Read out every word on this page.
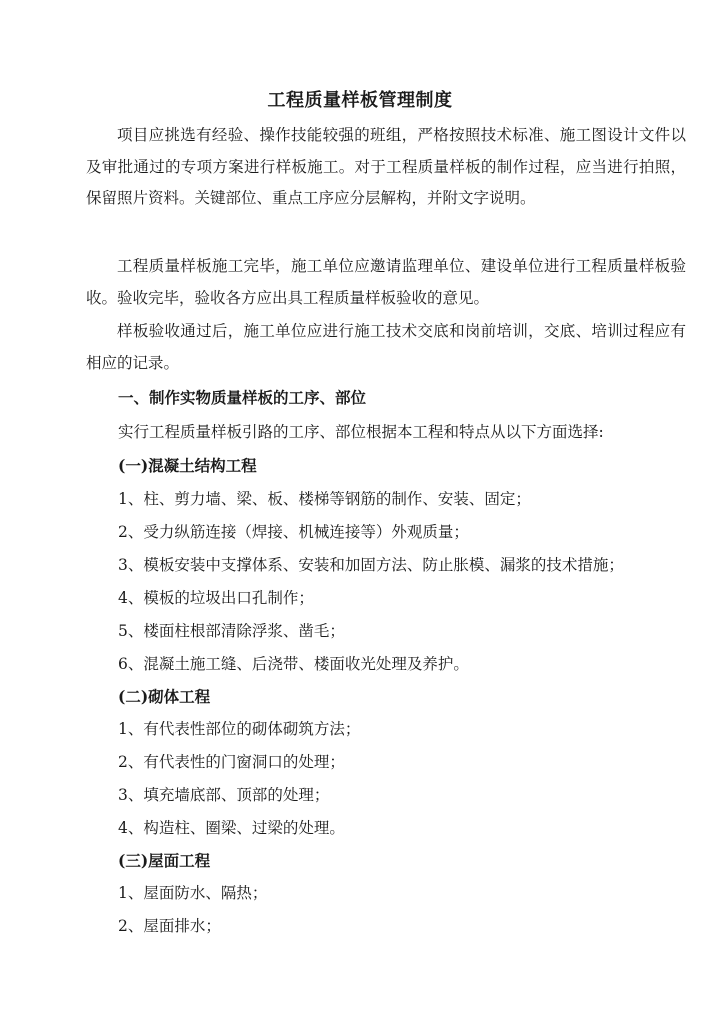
工程质量样板管理制度
项目应挑选有经验、操作技能较强的班组，严格按照技术标准、施工图设计文件以及审批通过的专项方案进行样板施工。对于工程质量样板的制作过程，应当进行拍照，保留照片资料。关键部位、重点工序应分层解构，并附文字说明。
工程质量样板施工完毕，施工单位应邀请监理单位、建设单位进行工程质量样板验收。验收完毕，验收各方应出具工程质量样板验收的意见。
样板验收通过后，施工单位应进行施工技术交底和岗前培训，交底、培训过程应有相应的记录。
一、制作实物质量样板的工序、部位
实行工程质量样板引路的工序、部位根据本工程和特点从以下方面选择:
(一)混凝土结构工程
1、柱、剪力墙、梁、板、楼梯等钢筋的制作、安装、固定；
2、受力纵筋连接（焊接、机械连接等）外观质量；
3、模板安装中支撑体系、安装和加固方法、防止胀模、漏浆的技术措施；
4、模板的垃圾出口孔制作；
5、楼面柱根部清除浮浆、凿毛；
6、混凝土施工缝、后浇带、楼面收光处理及养护。
(二)砌体工程
1、有代表性部位的砌体砌筑方法；
2、有代表性的门窗洞口的处理；
3、填充墙底部、顶部的处理；
4、构造柱、圈梁、过梁的处理。
(三)屋面工程
1、屋面防水、隔热；
2、屋面排水；
